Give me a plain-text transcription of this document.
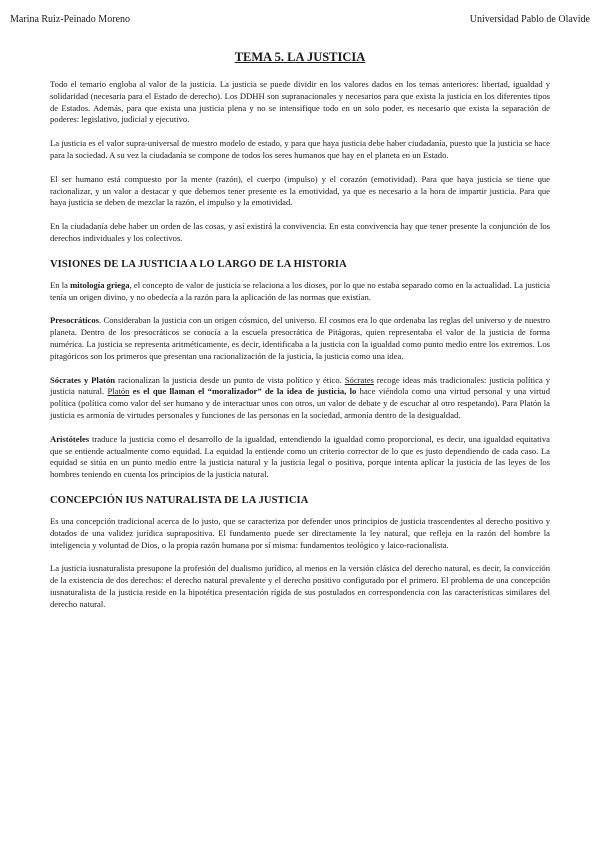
Marina Ruiz-Peinado Moreno	Universidad Pablo de Olavide
TEMA 5. LA JUSTICIA

Todo el temario engloba al valor de la justicia. La justicia se puede dividir en los valores dados en los temas anteriores: libertad, igualdad y solidaridad (necesaria para el Estado de derecho). Los DDHH son supranacionales y necesarios para que exista la justicia en los diferentes tipos de Estados. Además, para que exista una justicia plena y no se intensifique todo en un solo poder, es necesario que exista la separación de poderes: legislativo, judicial y ejecutivo.

La justicia es el valor supra-universal de nuestro modelo de estado, y para que haya justicia debe haber ciudadanía, puesto que la justicia se hace para la sociedad. A su vez la ciudadanía se compone de todos los seres humanos que hay en el planeta en un Estado.

El ser humano está compuesto por la mente (razón), el cuerpo (impulso) y el corazón (emotividad). Para que haya justicia se tiene que racionalizar, y un valor a destacar y que debemos tener presente es la emotividad, ya que es necesario a la hora de impartir justicia. Para que haya justicia se deben de mezclar la razón, el impulso y la emotividad.

En la ciudadanía debe haber un orden de las cosas, y así existirá la convivencia. En esta convivencia hay que tener presente la conjunción de los derechos individuales y los colectivos.

VISIONES DE LA JUSTICIA A LO LARGO DE LA HISTORIA

En la mitología griega, el concepto de valor de justicia se relaciona a los dioses, por lo que no estaba separado como en la actualidad. La justicia tenía un origen divino, y no obedecía a la razón para la aplicación de las normas que existían.

Presocráticos. Consideraban la justicia con un origen cósmico, del universo. El cosmos era lo que ordenaba las reglas del universo y de nuestro planeta. Dentro de los presocráticos se conocía a la escuela presocrática de Pitágoras, quien representaba el valor de la justicia de forma numérica. La justicia se representa aritméticamente, es decir, identificaba a la justicia con la igualdad como punto medio entre los extremos. Los pitagóricos son los primeros que presentan una racionalización de la justicia, la justicia como una idea.

Sócrates y Platón racionalizan la justicia desde un punto de vista político y ético. Sócrates recoge ideas más tradicionales: justicia política y justicia natural. Platón es el que llaman el “moralizador” de la idea de justicia, lo hace viéndola como una virtud personal y una virtud política (política como valor del ser humano y de interactuar unos con otros, un valor de debate y de escuchar al otro respetando). Para Platón la justicia es armonía de virtudes personales y funciones de las personas en la sociedad, armonía dentro de la desigualdad.

Aristóteles traduce la justicia como el desarrollo de la igualdad, entendiendo la igualdad como proporcional, es decir, una igualdad equitativa que se entiende actualmente como equidad. La equidad la entiende como un criterio corrector de lo que es justo dependiendo de cada caso. La equidad se sitúa en un punto medio entre la justicia natural y la justicia legal o positiva, porque intenta aplicar la justicia de las leyes de los hombres teniendo en cuenta los principios de la justicia natural.

CONCEPCIÓN IUS NATURALISTA DE LA JUSTICIA

Es una concepción tradicional acerca de lo justo, que se caracteriza por defender unos principios de justicia trascendentes al derecho positivo y dotados de una validez jurídica suprapositiva. El fundamento puede ser directamente la ley natural, que refleja en la razón del hombre la inteligencia y voluntad de Dios, o la propia razón humana por sí misma: fundamentos teológico y laico-racionalista.

La justicia iusnaturalista presupone la profesión del dualismo jurídico, al menos en la versión clásica del derecho natural, es decir, la convicción de la existencia de dos derechos: el derecho natural prevalente y el derecho positivo configurado por el primero. El problema de una concepción iusnaturalista de la justicia reside en la hipotética presentación rígida de sus postulados en correspondencia con las características similares del derecho natural.
